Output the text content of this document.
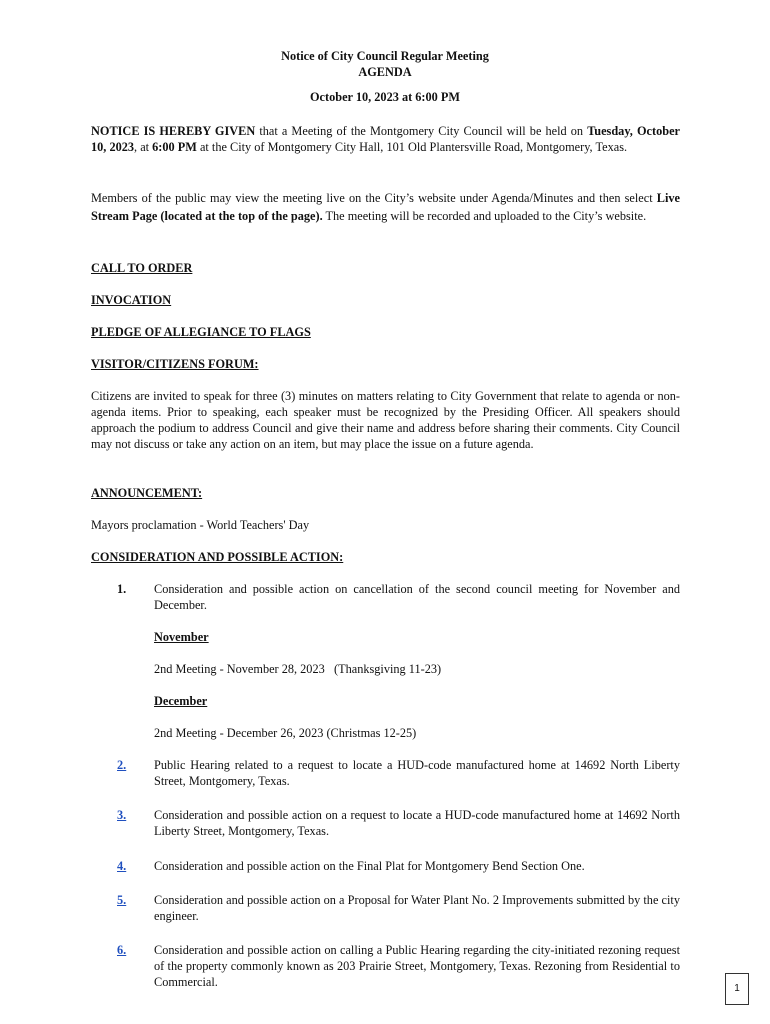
Notice of City Council Regular Meeting
AGENDA
October 10, 2023 at 6:00 PM
NOTICE IS HEREBY GIVEN that a Meeting of the Montgomery City Council will be held on Tuesday, October 10, 2023, at 6:00 PM at the City of Montgomery City Hall, 101 Old Plantersville Road, Montgomery, Texas.
Members of the public may view the meeting live on the City’s website under Agenda/Minutes and then select Live Stream Page (located at the top of the page). The meeting will be recorded and uploaded to the City’s website.
CALL TO ORDER
INVOCATION
PLEDGE OF ALLEGIANCE TO FLAGS
VISITOR/CITIZENS FORUM:
Citizens are invited to speak for three (3) minutes on matters relating to City Government that relate to agenda or non-agenda items. Prior to speaking, each speaker must be recognized by the Presiding Officer. All speakers should approach the podium to address Council and give their name and address before sharing their comments. City Council may not discuss or take any action on an item, but may place the issue on a future agenda.
ANNOUNCEMENT:
Mayors proclamation - World Teachers' Day
CONSIDERATION AND POSSIBLE ACTION:
1.	Consideration and possible action on cancellation of the second council meeting for November and December.
November
2nd Meeting - November 28, 2023   (Thanksgiving 11-23)
December
2nd Meeting - December 26, 2023 (Christmas 12-25)
2.	Public Hearing related to a request to locate a HUD-code manufactured home at 14692 North Liberty Street, Montgomery, Texas.
3.	Consideration and possible action on a request to locate a HUD-code manufactured home at 14692 North Liberty Street, Montgomery, Texas.
4.	Consideration and possible action on the Final Plat for Montgomery Bend Section One.
5.	Consideration and possible action on a Proposal for Water Plant No. 2 Improvements submitted by the city engineer.
6.	Consideration and possible action on calling a Public Hearing regarding the city-initiated rezoning request of the property commonly known as 203 Prairie Street, Montgomery, Texas. Rezoning from Residential to Commercial.	1
